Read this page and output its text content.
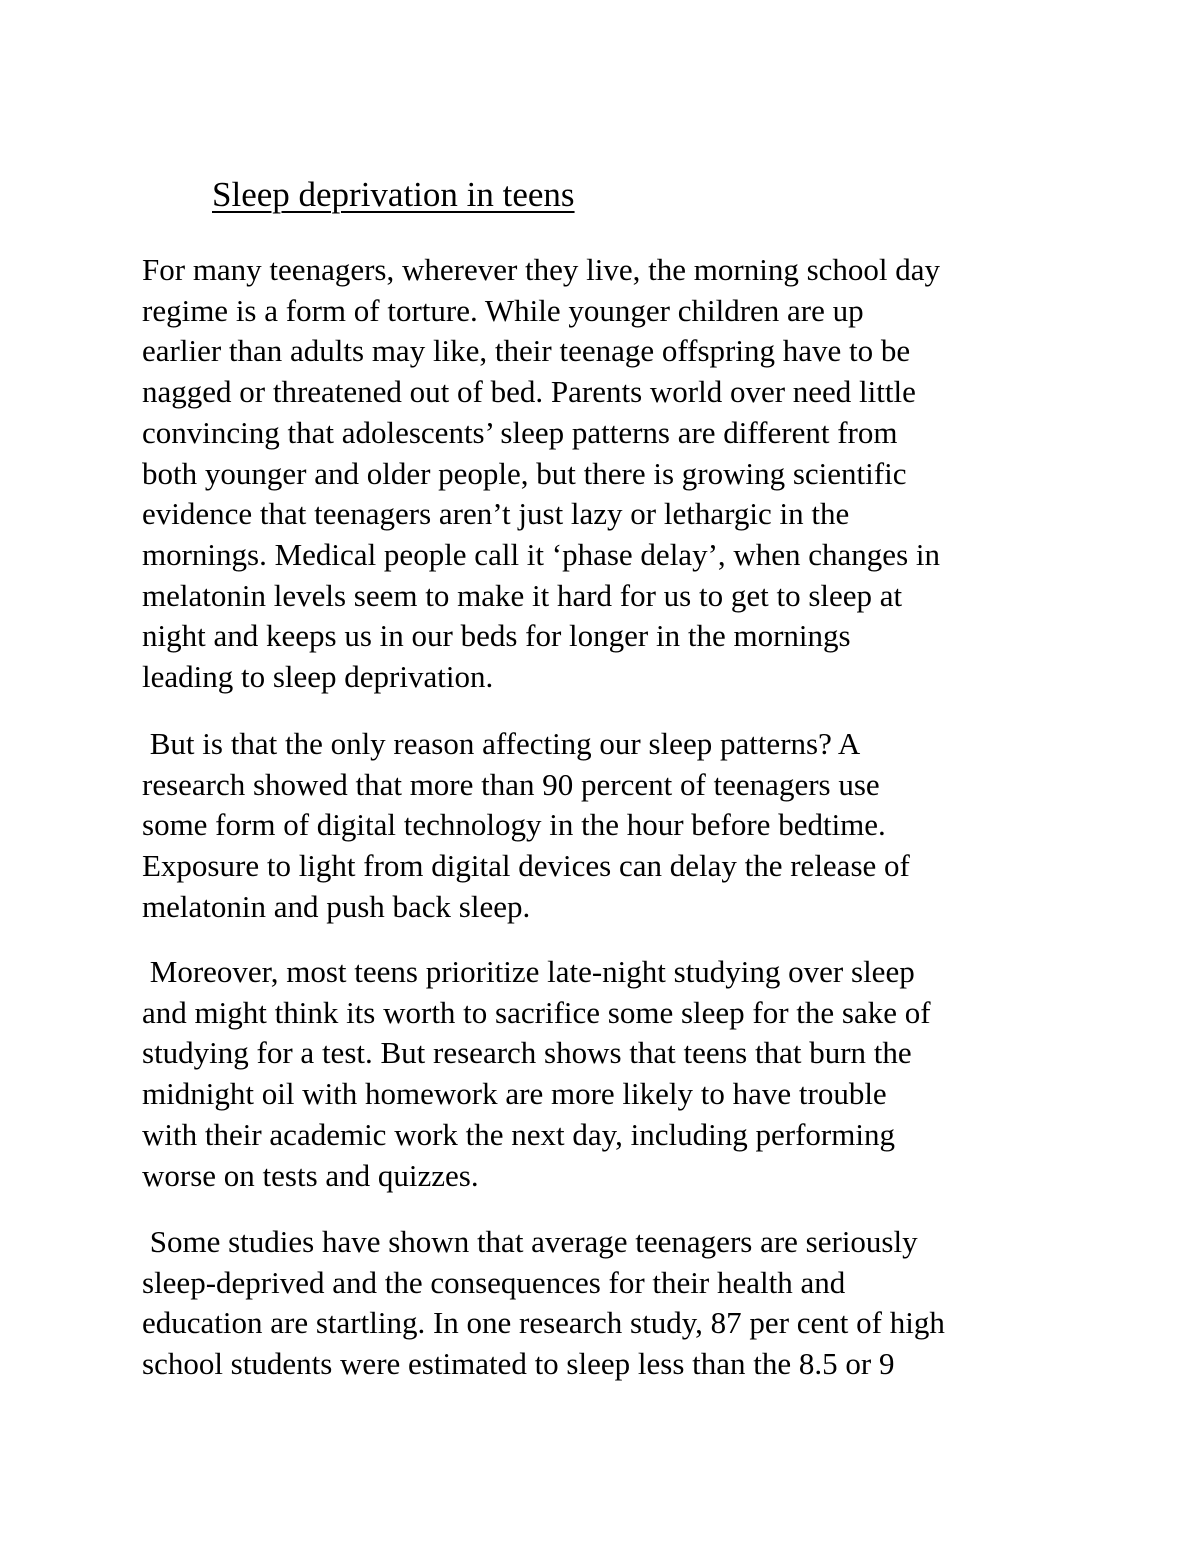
Sleep deprivation in teens

For many teenagers, wherever they live, the morning school day

regime is a form of torture. While younger children are up

earlier than adults may like, their teenage offspring have to be

nagged or threatened out of bed. Parents world over need little

convincing that adolescents’ sleep patterns are different from

both younger and older people, but there is growing scientific

evidence that teenagers aren’t just lazy or lethargic in the

mornings. Medical people call it ‘phase delay’, when changes in

melatonin levels seem to make it hard for us to get to sleep at

night and keeps us in our beds for longer in the mornings

leading to sleep deprivation.

But is that the only reason affecting our sleep patterns? A

research showed that more than 90 percent of teenagers use

some form of digital technology in the hour before bedtime.

Exposure to light from digital devices can delay the release of

melatonin and push back sleep.

Moreover, most teens prioritize late-night studying over sleep

and might think its worth to sacrifice some sleep for the sake of

studying for a test. But research shows that teens that burn the

midnight oil with homework are more likely to have trouble

with their academic work the next day, including performing

worse on tests and quizzes.

Some studies have shown that average teenagers are seriously

sleep-deprived and the consequences for their health and

education are startling. In one research study, 87 per cent of high

school students were estimated to sleep less than the 8.5 or 9
